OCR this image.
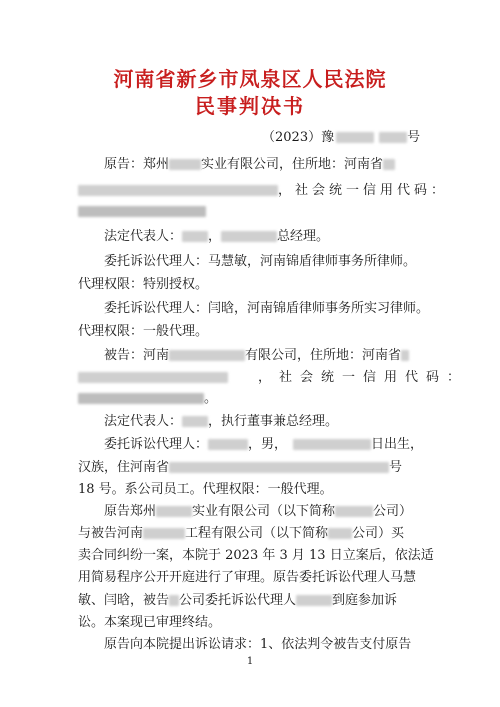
河南省新乡市凤泉区人民法院
民事判决书
（2023）豫	号
原告：郑州 实业有限公司，住所地：河南省
，社会统一信用代码：
法定代表人： ，	总经理。
委托诉讼代理人：马慧敏，河南锦盾律师事务所律师。
代理权限：特别授权。
委托诉讼代理人：闫晗，河南锦盾律师事务所实习律师。
代理权限：一般代理。
被告：河南	有限公司，住所地：河南省
，社会统一信用代码：
。
法定代表人： ，执行董事兼总经理。
委托诉讼代理人：	，男，	日出生，
汉族，住河南省	号
18 号。系公司员工。代理权限：一般代理。
原告郑州	实业有限公司（以下简称	公司）
与被告河南	工程有限公司（以下简称 公司）买
卖合同纠纷一案，本院于 2023 年 3 月 13 日立案后，依法适
用简易程序公开开庭进行了审理。原告委托诉讼代理人马慧
敏、闫晗，被告 公司委托诉讼代理人	到庭参加诉
讼。本案现已审理终结。
原告向本院提出诉讼请求：1、依法判令被告支付原告
1
